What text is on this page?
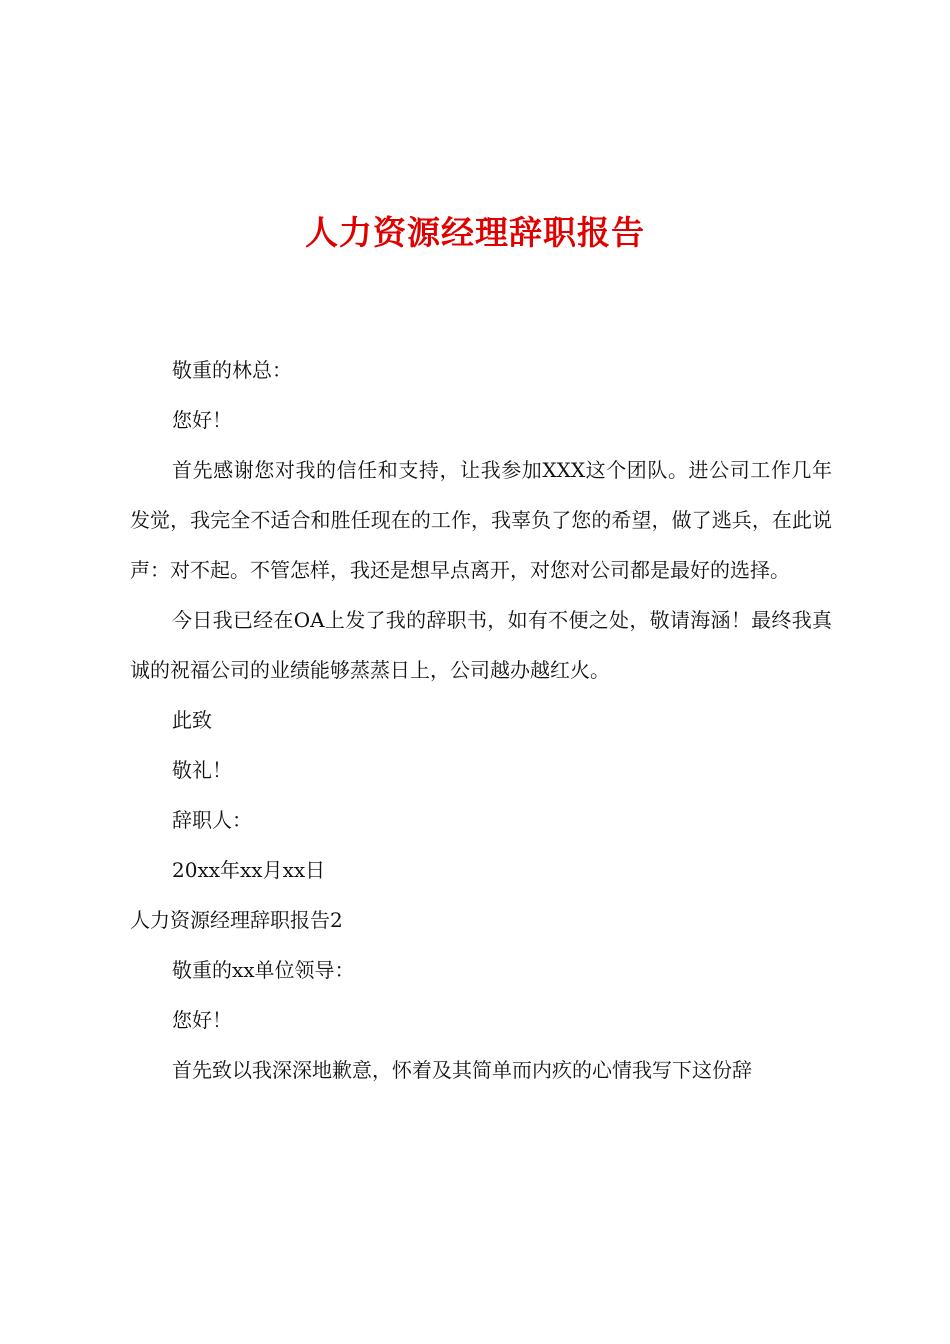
人力资源经理辞职报告

敬重的林总：

您好！

首先感谢您对我的信任和支持，让我参加XXX这个团队。进公司工作几年发觉，我完全不适合和胜任现在的工作，我辜负了您的希望，做了逃兵，在此说声：对不起。不管怎样，我还是想早点离开，对您对公司都是最好的选择。

今日我已经在OA上发了我的辞职书，如有不便之处，敬请海涵！最终我真诚的祝福公司的业绩能够蒸蒸日上，公司越办越红火。

此致

敬礼！

辞职人：

20xx年xx月xx日

人力资源经理辞职报告2

敬重的xx单位领导：

您好！

首先致以我深深地歉意，怀着及其简单而内疚的心情我写下这份辞
